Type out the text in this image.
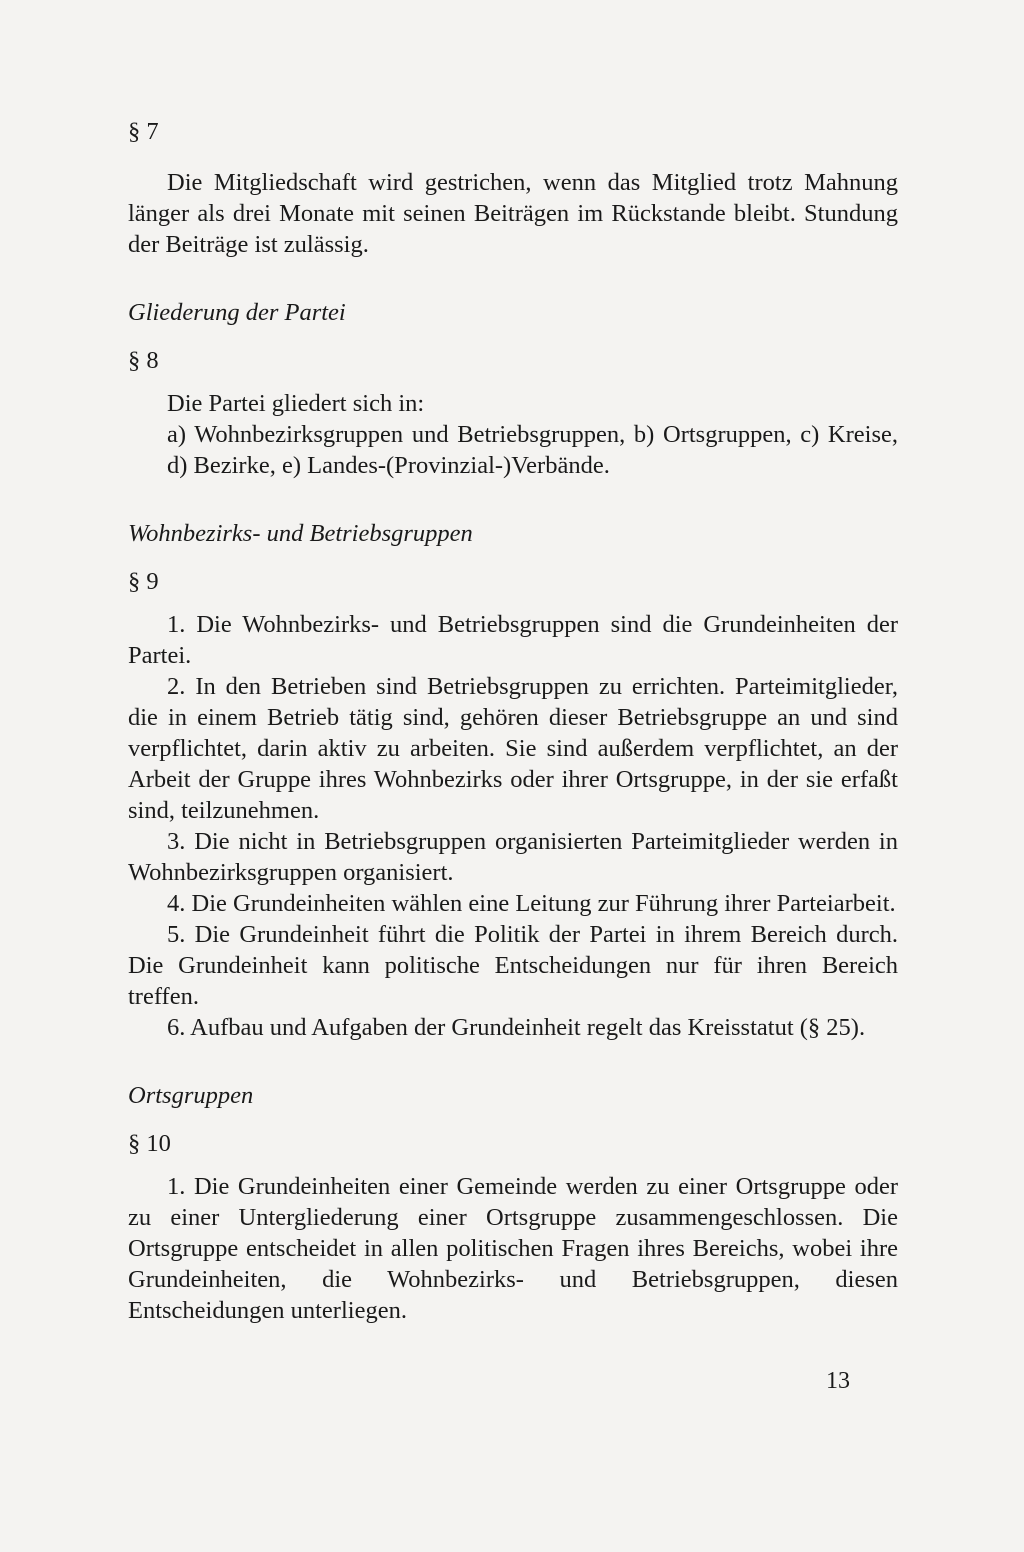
§ 7

Die Mitgliedschaft wird gestrichen, wenn das Mitglied trotz Mahnung länger als drei Monate mit seinen Beiträgen im Rückstande bleibt. Stundung der Beiträge ist zulässig.

Gliederung der Partei

§ 8

Die Partei gliedert sich in:

a) Wohnbezirksgruppen und Betriebsgruppen, b) Ortsgruppen, c) Kreise, d) Bezirke, e) Landes-(Provinzial-)Verbände.

Wohnbezirks- und Betriebsgruppen

§ 9

1. Die Wohnbezirks- und Betriebsgruppen sind die Grundeinheiten der Partei.

2. In den Betrieben sind Betriebsgruppen zu errichten. Parteimitglieder, die in einem Betrieb tätig sind, gehören dieser Betriebsgruppe an und sind verpflichtet, darin aktiv zu arbeiten. Sie sind außerdem verpflichtet, an der Arbeit der Gruppe ihres Wohnbezirks oder ihrer Ortsgruppe, in der sie erfaßt sind, teilzunehmen.

3. Die nicht in Betriebsgruppen organisierten Parteimitglieder werden in Wohnbezirksgruppen organisiert.

4. Die Grundeinheiten wählen eine Leitung zur Führung ihrer Parteiarbeit.

5. Die Grundeinheit führt die Politik der Partei in ihrem Bereich durch. Die Grundeinheit kann politische Entscheidungen nur für ihren Bereich treffen.

6. Aufbau und Aufgaben der Grundeinheit regelt das Kreisstatut (§ 25).

Ortsgruppen

§ 10

1. Die Grundeinheiten einer Gemeinde werden zu einer Ortsgruppe oder zu einer Untergliederung einer Ortsgruppe zusammengeschlossen. Die Ortsgruppe entscheidet in allen politischen Fragen ihres Bereichs, wobei ihre Grundeinheiten, die Wohnbezirks- und Betriebsgruppen, diesen Entscheidungen unterliegen.

13
